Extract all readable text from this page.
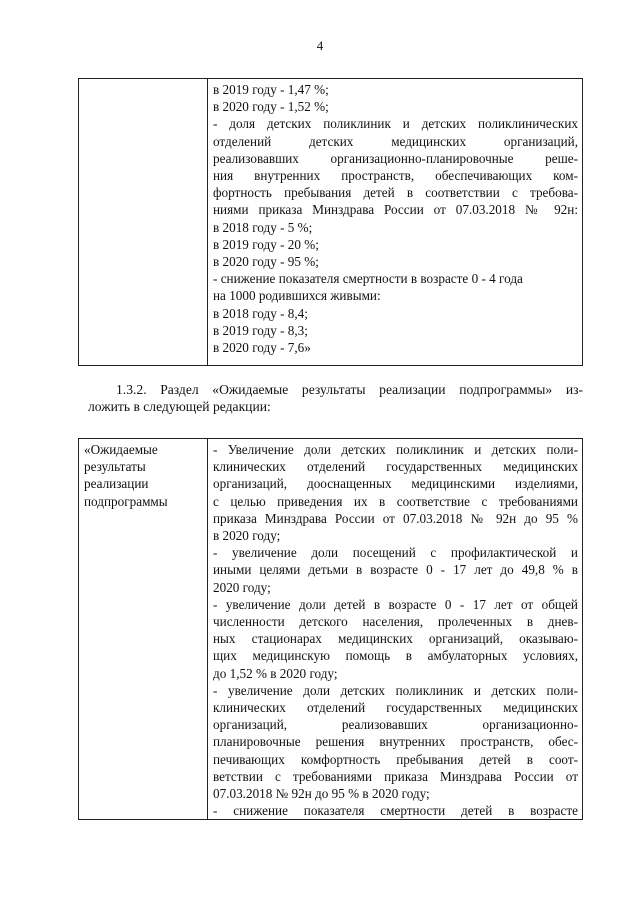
4

в 2019 году - 1,47 %;
в 2020 году - 1,52 %;
- доля детских поликлиник и детских поликлинических
отделений детских медицинских организаций,
реализовавших организационно-планировочные реше-
ния внутренних пространств, обеспечивающих ком-
фортность пребывания детей в соответствии с требова-
ниями приказа Минздрава России от 07.03.2018 № 92н:
в 2018 году - 5 %;
в 2019 году - 20 %;
в 2020 году - 95 %;
- снижение показателя смертности в возрасте 0 - 4 года
на 1000 родившихся живыми:
в 2018 году - 8,4;
в 2019 году - 8,3;
в 2020 году - 7,6»
1.3.2. Раздел «Ожидаемые результаты реализации подпрограммы» из-
ложить в следующей редакции:
«Ожидаемые
результаты
реализации
подпрограммы

- Увеличение доли детских поликлиник и детских поли-
клинических отделений государственных медицинских
организаций, дооснащенных медицинскими изделиями,
с целью приведения их в соответствие с требованиями
приказа Минздрава России от 07.03.2018 № 92н до 95 %
в 2020 году;
- увеличение доли посещений с профилактической и
иными целями детьми в возрасте 0 - 17 лет до 49,8 % в
2020 году;
- увеличение доли детей в возрасте 0 - 17 лет от общей
численности детского населения, пролеченных в днев-
ных стационарах медицинских организаций, оказываю-
щих медицинскую помощь в амбулаторных условиях,
до 1,52 % в 2020 году;
- увеличение доли детских поликлиник и детских поли-
клинических отделений государственных медицинских
организаций, реализовавших организационно-
планировочные решения внутренних пространств, обес-
печивающих комфортность пребывания детей в соот-
ветствии с требованиями приказа Минздрава России от
07.03.2018 № 92н до 95 % в 2020 году;
- снижение показателя смертности детей в возрасте
